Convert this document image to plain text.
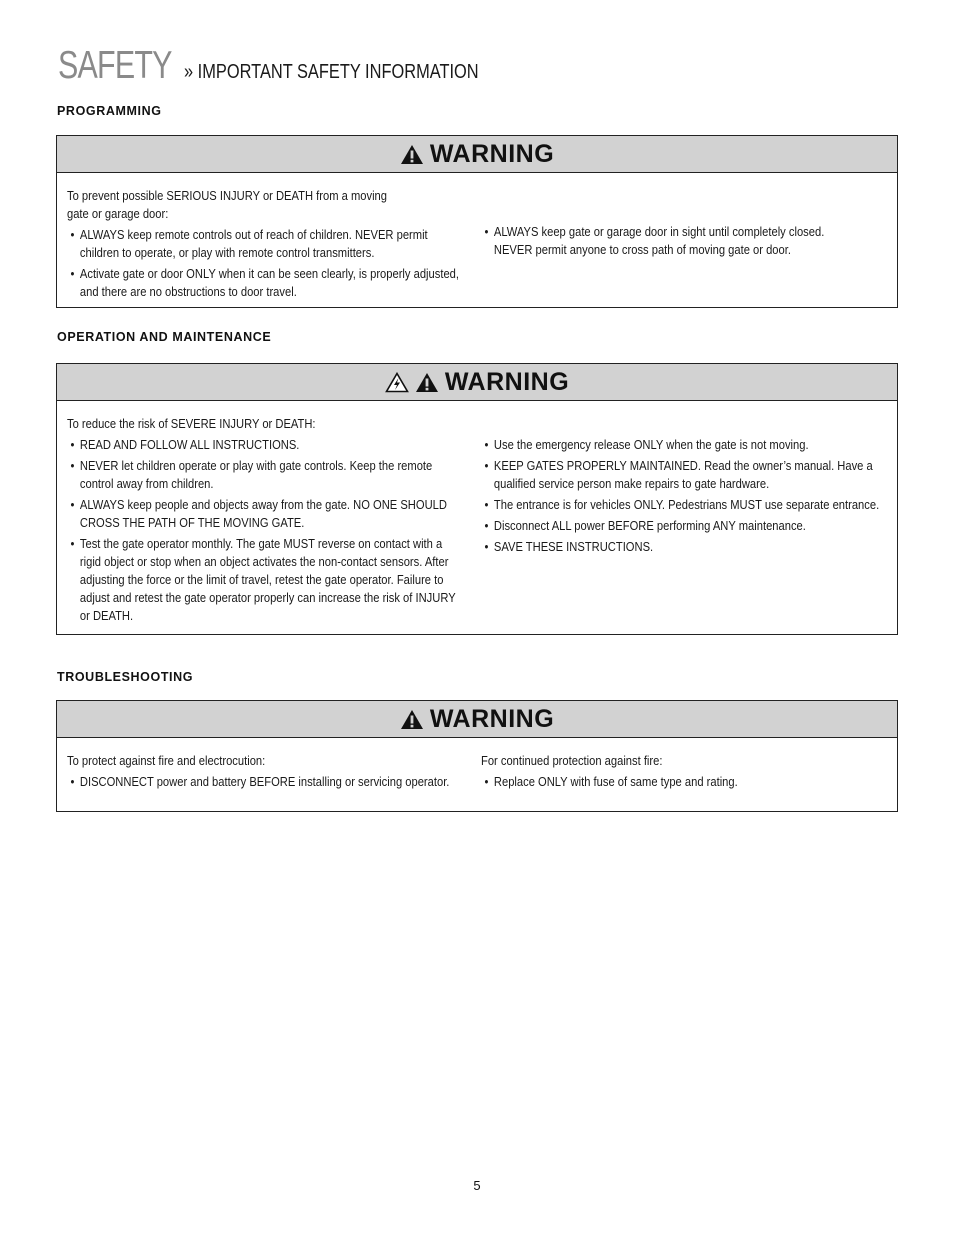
SAFETY » IMPORTANT SAFETY INFORMATION
PROGRAMMING
WARNING
To prevent possible SERIOUS INJURY or DEATH from a moving gate or garage door:
• ALWAYS keep remote controls out of reach of children. NEVER permit children to operate, or play with remote control transmitters.
• Activate gate or door ONLY when it can be seen clearly, is properly adjusted, and there are no obstructions to door travel.
• ALWAYS keep gate or garage door in sight until completely closed. NEVER permit anyone to cross path of moving gate or door.
OPERATION AND MAINTENANCE
WARNING
To reduce the risk of SEVERE INJURY or DEATH:
• READ AND FOLLOW ALL INSTRUCTIONS.
• NEVER let children operate or play with gate controls. Keep the remote control away from children.
• ALWAYS keep people and objects away from the gate. NO ONE SHOULD CROSS THE PATH OF THE MOVING GATE.
• Test the gate operator monthly. The gate MUST reverse on contact with a rigid object or stop when an object activates the non-contact sensors. After adjusting the force or the limit of travel, retest the gate operator. Failure to adjust and retest the gate operator properly can increase the risk of INJURY or DEATH.
• Use the emergency release ONLY when the gate is not moving.
• KEEP GATES PROPERLY MAINTAINED. Read the owner’s manual. Have a qualified service person make repairs to gate hardware.
• The entrance is for vehicles ONLY. Pedestrians MUST use separate entrance.
• Disconnect ALL power BEFORE performing ANY maintenance.
• SAVE THESE INSTRUCTIONS.
TROUBLESHOOTING
WARNING
To protect against fire and electrocution:
• DISCONNECT power and battery BEFORE installing or servicing operator.
For continued protection against fire:
• Replace ONLY with fuse of same type and rating.
5
